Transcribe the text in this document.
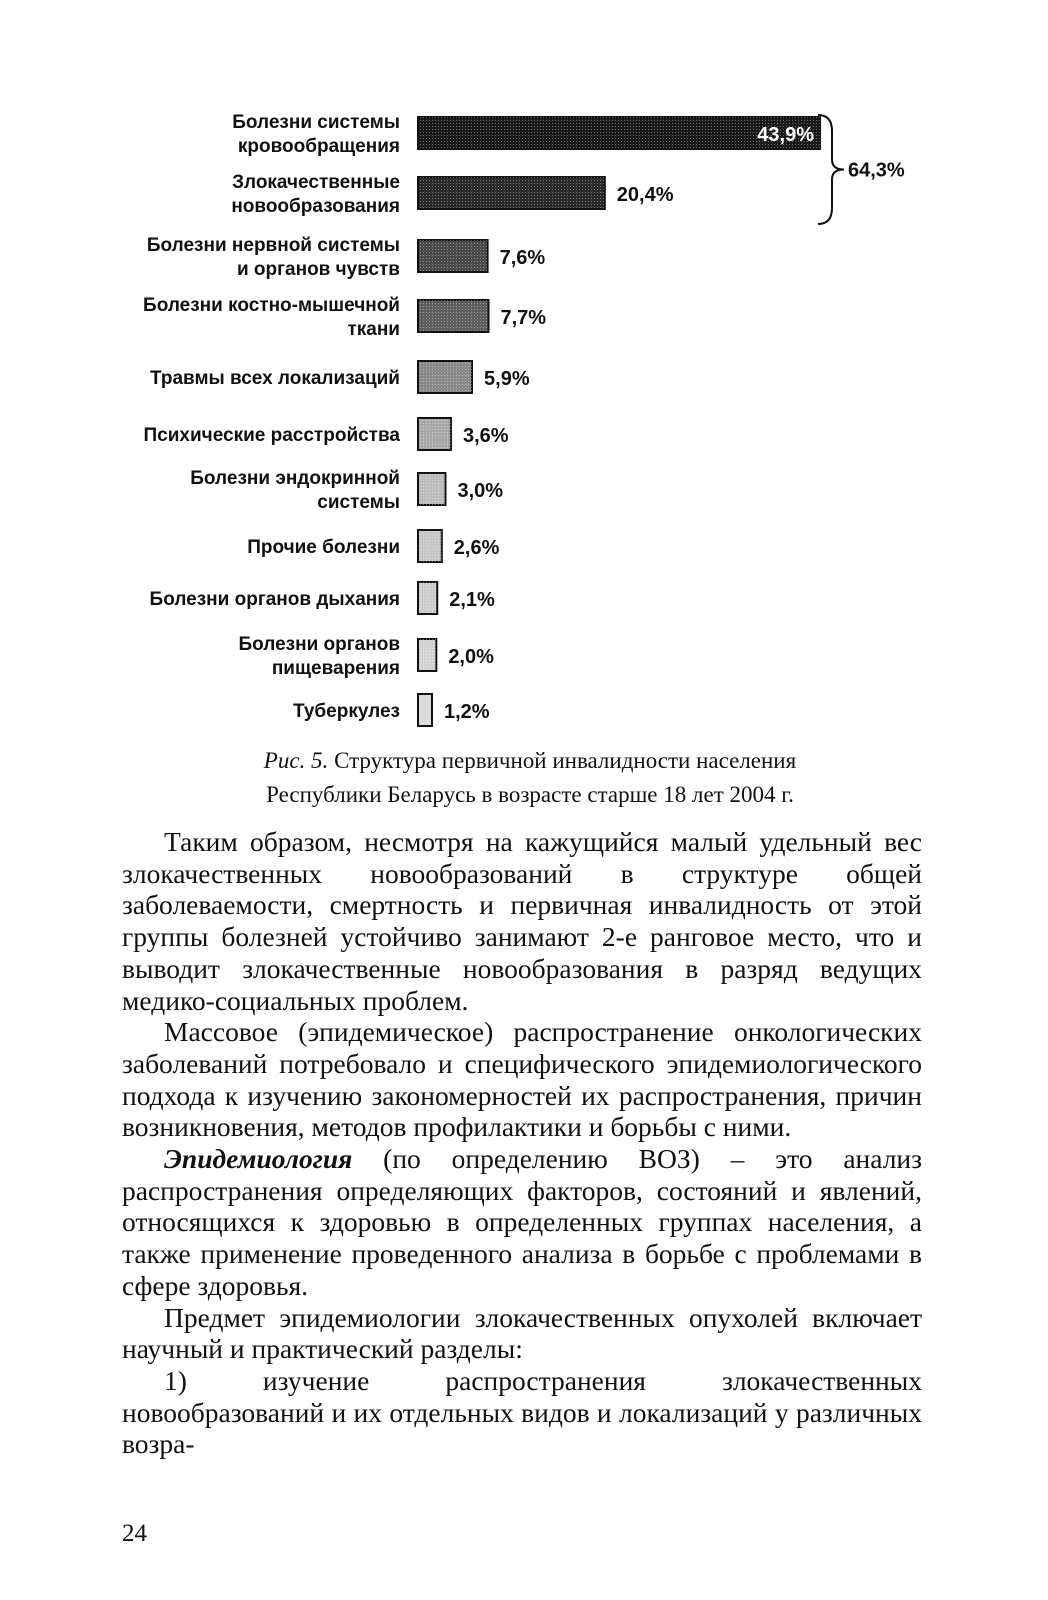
Болезни системы кровообращения
Злокачественные новообразования
Болезни нервной системы и органов чувств
Болезни костно-мышечной ткани
Травмы всех локализаций
Психические расстройства
Болезни эндокринной системы
Прочие болезни
Болезни органов дыхания
Болезни органов пищеварения
Туберкулез
43,9%
20,4%
7,6%
7,7%
5,9%
3,6%
3,0%
2,6%
2,1%
2,0%
1,2%
64,3%
Рис. 5. Структура первичной инвалидности населения
Республики Беларусь в возрасте старше 18 лет 2004 г.

Таким образом, несмотря на кажущийся малый удельный вес злокачественных новообразований в структуре общей заболеваемости, смертность и первичная инвалидность от этой группы болезней устойчиво занимают 2-е ранговое место, что и выводит злокачественные новообразования в разряд ведущих медико-социальных проблем.

Массовое (эпидемическое) распространение онкологических заболеваний потребовало и специфического эпидемиологического подхода к изучению закономерностей их распространения, причин возникновения, методов профилактики и борьбы с ними.

Эпидемиология (по определению ВОЗ) – это анализ распространения определяющих факторов, состояний и явлений, относящихся к здоровью в определенных группах населения, а также применение проведенного анализа в борьбе с проблемами в сфере здоровья.

Предмет эпидемиологии злокачественных опухолей включает научный и практический разделы:

1) изучение распространения злокачественных новообразований и их отдельных видов и локализаций у различных возра-

24
